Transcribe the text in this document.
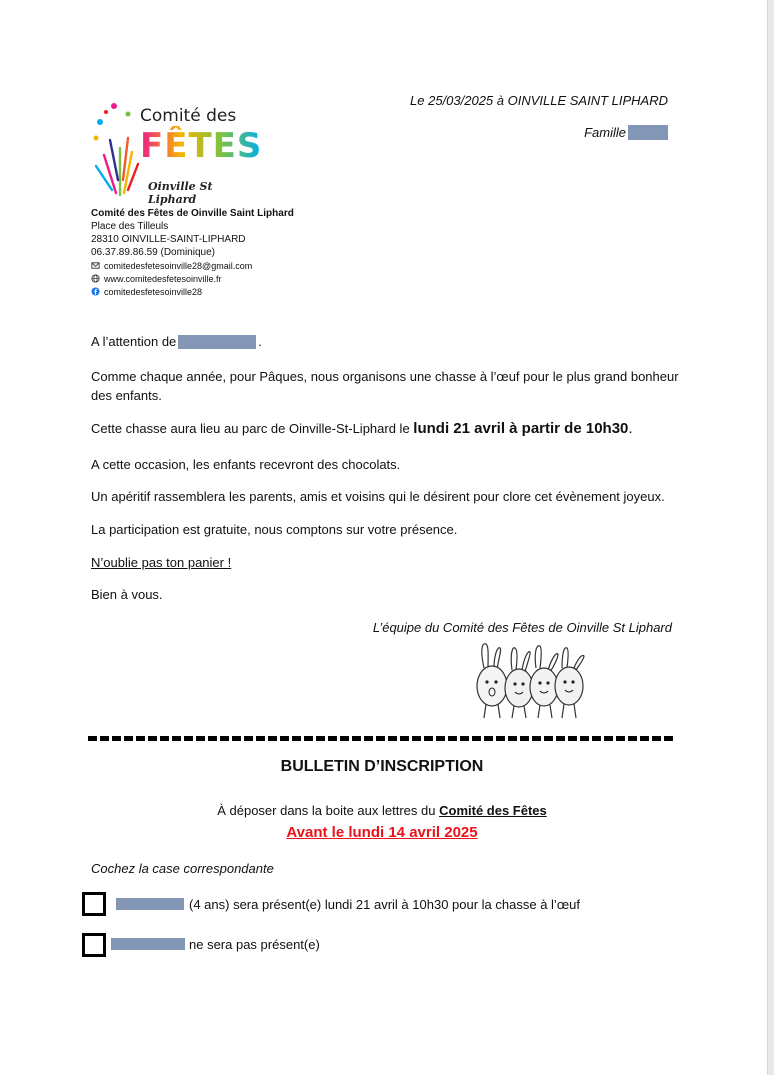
Comité des
FÊTES
Oinville St Liphard
Le 25/03/2025 à OINVILLE SAINT LIPHARD
Famille
Comité des Fêtes de Oinville Saint Liphard
Place des Tilleuls
28310 OINVILLE-SAINT-LIPHARD
06.37.89.86.59 (Dominique)
comitedesfetesoinville28@gmail.com
www.comitedesfetesoinville.fr
comitedesfetesoinville28
A l’attention de	.
Comme chaque année, pour Pâques, nous organisons une chasse à l’œuf pour le plus grand bonheur des enfants.
Cette chasse aura lieu au parc de Oinville-St-Liphard le lundi 21 avril à partir de 10h30.
A cette occasion, les enfants recevront des chocolats.
Un apéritif rassemblera les parents, amis et voisins qui le désirent pour clore cet évènement joyeux.
La participation est gratuite, nous comptons sur votre présence.
N’oublie pas ton panier !
Bien à vous.
L’équipe du Comité des Fêtes de Oinville St Liphard
BULLETIN D’INSCRIPTION
À déposer dans la boite aux lettres du Comité des Fêtes
Avant le lundi 14 avril 2025
Cochez la case correspondante
(4 ans) sera présent(e) lundi 21 avril à 10h30 pour la chasse à l’œuf
ne sera pas présent(e)
